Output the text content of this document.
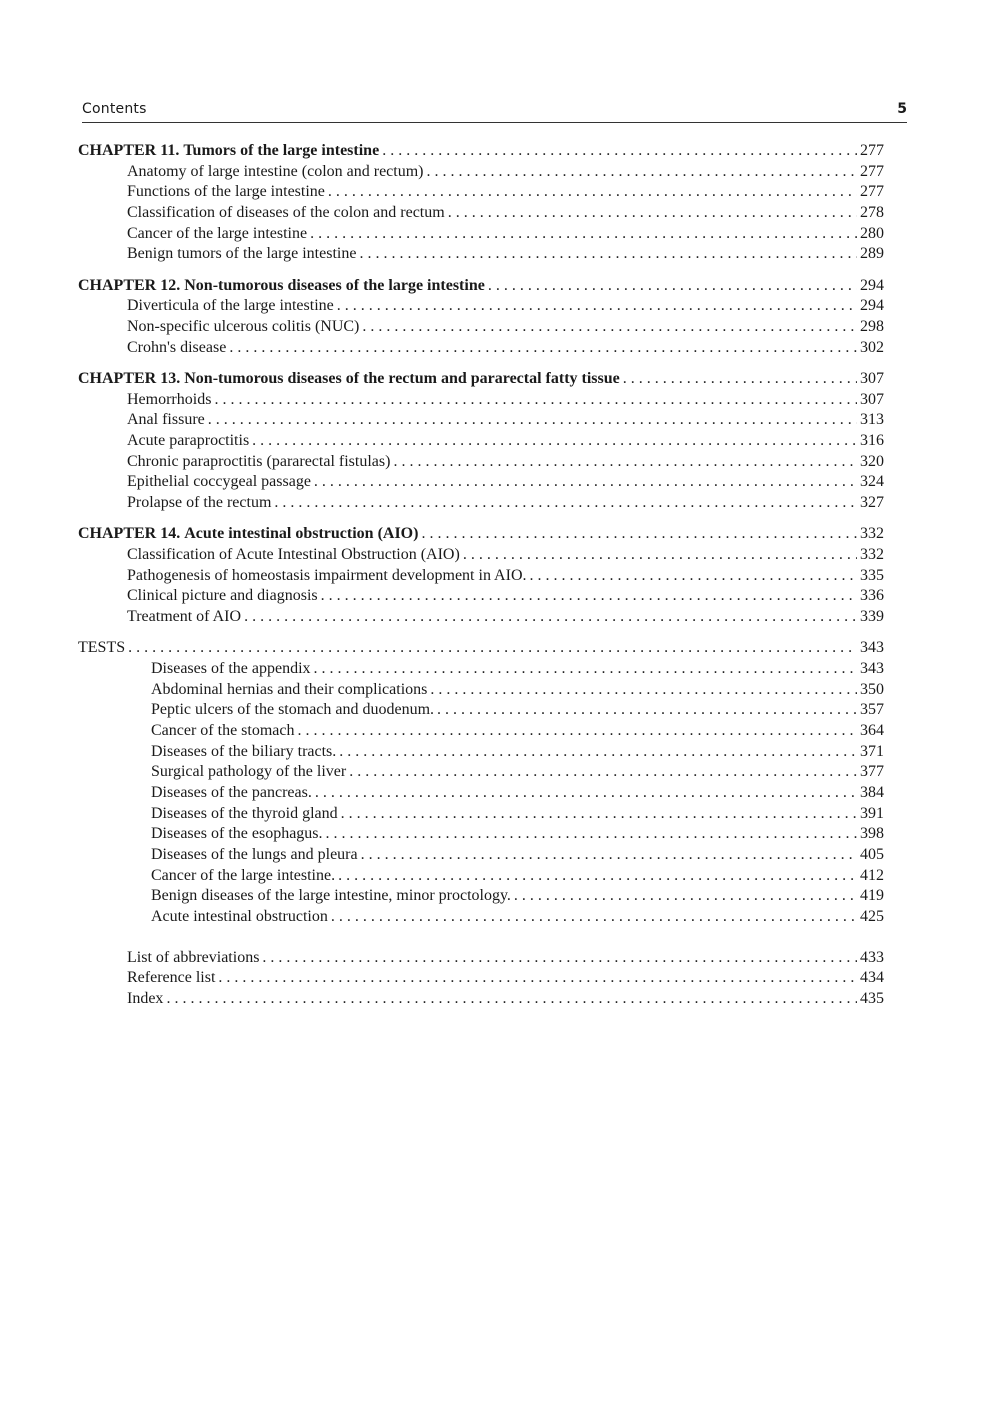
Contents	5
CHAPTER 11. Tumors of the large intestine . . .	277
Anatomy of large intestine (colon and rectum) . . .	277
Functions of the large intestine . . .	277
Classification of diseases of the colon and rectum . . .	278
Cancer of the large intestine . . .	280
Benign tumors of the large intestine . . .	289
CHAPTER 12. Non-tumorous diseases of the large intestine . . .	294
Diverticula of the large intestine . . .	294
Non-specific ulcerous colitis (NUC) . . .	298
Crohn's disease . . .	302
CHAPTER 13. Non-tumorous diseases of the rectum and pararectal fatty tissue . . .	307
Hemorrhoids . . .	307
Anal fissure . . .	313
Acute paraproctitis . . .	316
Chronic paraproctitis (pararectal fistulas) . . .	320
Epithelial coccygeal passage . . .	324
Prolapse of the rectum . . .	327
CHAPTER 14. Acute intestinal obstruction (AIO) . . .	332
Classification of Acute Intestinal Obstruction (AIO) . . .	332
Pathogenesis of homeostasis impairment development in AIO. . . .	335
Clinical picture and diagnosis . . .	336
Treatment of AIO . . .	339
TESTS . . .	343
Diseases of the appendix . . .	343
Abdominal hernias and their complications . . .	350
Peptic ulcers of the stomach and duodenum. . . .	357
Cancer of the stomach . . .	364
Diseases of the biliary tracts. . . .	371
Surgical pathology of the liver . . .	377
Diseases of the pancreas. . . .	384
Diseases of the thyroid gland . . .	391
Diseases of the esophagus. . . .	398
Diseases of the lungs and pleura . . .	405
Cancer of the large intestine. . . .	412
Benign diseases of the large intestine, minor proctology. . . .	419
Acute intestinal obstruction . . .	425
List of abbreviations . . .	433
Reference list . . .	434
Index . . .	435
